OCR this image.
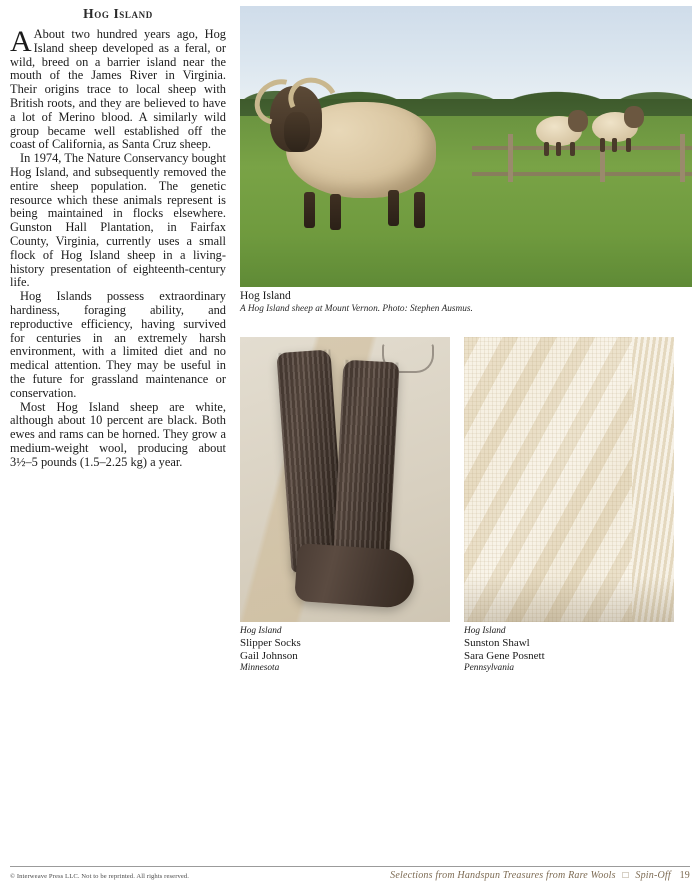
Hog Island

A About two hundred years ago, Hog Island sheep developed as a feral, or wild, breed on a barrier island near the mouth of the James River in Virginia. Their origins trace to local sheep with British roots, and they are believed to have a lot of Merino blood. A similarly wild group became well established off the coast of California, as Santa Cruz sheep.

In 1974, The Nature Conservancy bought Hog Island, and subsequently removed the entire sheep population. The genetic resource which these animals represent is being maintained in flocks elsewhere. Gunston Hall Plantation, in Fairfax County, Virginia, currently uses a small flock of Hog Island sheep in a living-history presentation of eighteenth-century life.

Hog Islands possess extraordinary hardiness, foraging ability, and reproductive efficiency, having survived for centuries in an extremely harsh environment, with a limited diet and no medical attention. They may be useful in the future for grassland maintenance or conservation.

Most Hog Island sheep are white, although about 10 percent are black. Both ewes and rams can be horned. They grow a medium-weight wool, producing about 3½–5 pounds (1.5–2.25 kg) a year.

Hog Island

A Hog Island sheep at Mount Vernon. Photo: Stephen Ausmus.

Hog Island

Slipper Socks

Gail Johnson

Minnesota

Hog Island

Sunston Shawl

Sara Gene Posnett

Pennsylvania

© Interweave Press LLC. Not to be reprinted. All rights reserved.	Selections from Handspun Treasures from Rare Wools □ Spin-Off 19
